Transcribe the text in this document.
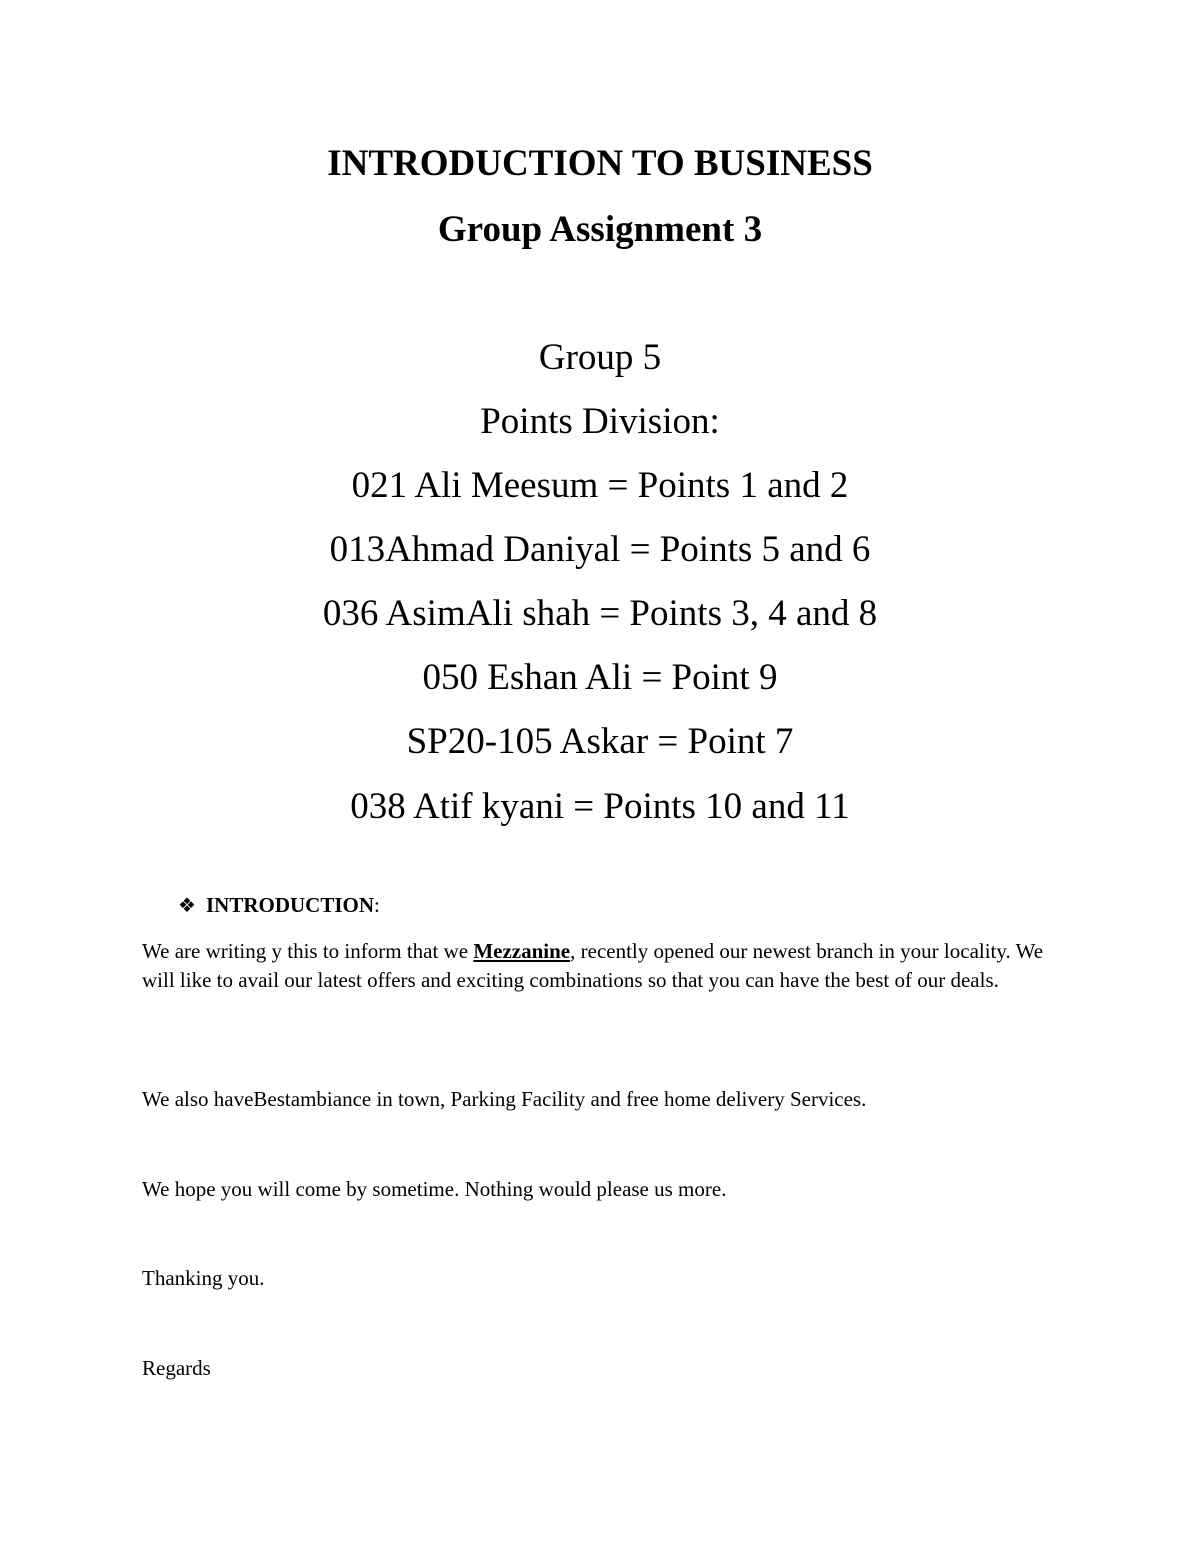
INTRODUCTION TO BUSINESS
Group Assignment 3
Group 5
Points Division:
021 Ali Meesum = Points 1 and 2
013Ahmad Daniyal = Points 5 and 6
036 AsimAli shah = Points 3, 4 and 8
050 Eshan Ali = Point 9
SP20-105 Askar = Point 7
038 Atif kyani = Points 10 and 11
❖ INTRODUCTION:
We are writing y this to inform that we Mezzanine, recently opened our newest branch in your locality. We will like to avail our latest offers and exciting combinations so that you can have the best of our deals.
We also haveBestambiance in town, Parking Facility and free home delivery Services.
We hope you will come by sometime. Nothing would please us more.
Thanking you.
Regards
